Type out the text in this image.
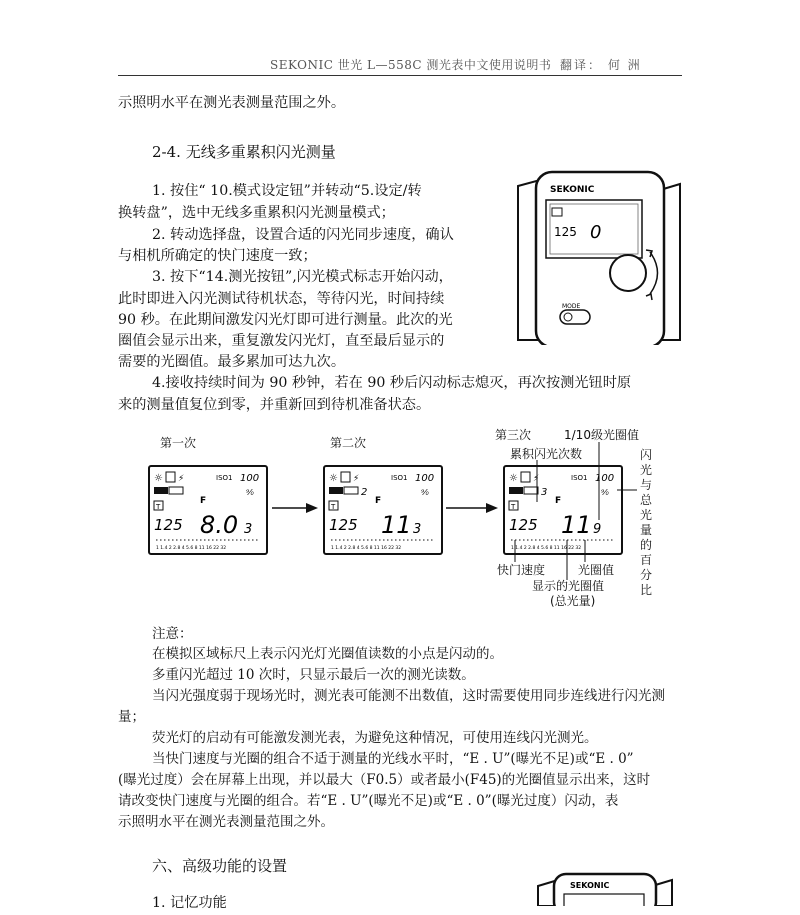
SEKONIC 世光 L—558C 测光表中文使用说明书 翻译： 何 洲
示照明水平在测光表测量范围之外。
2-4. 无线多重累积闪光测量
1. 按住“ 10.模式设定钮”并转动“5.设定/转
换转盘”，选中无线多重累积闪光测量模式；
2. 转动选择盘，设置合适的闪光同步速度，确认
与相机所确定的快门速度一致；
3. 按下“14.测光按钮”,闪光模式标志开始闪动，
此时即进入闪光测试待机状态，等待闪光，时间持续
90 秒。在此期间激发闪光灯即可进行测量。此次的光
圈值会显示出来，重复激发闪光灯，直至最后显示的
需要的光圈值。最多累加可达九次。
4.接收持续时间为 90 秒钟，若在 90 秒后闪动标志熄灭，再次按测光钮时原
来的测量值复位到零，并重新回到待机准备状态。
SEKONIC
125 0
MODE
第一次	第二次
第三次	1/10级光圈值
累积闪光次数	闪光与总光量的百分比
☼ ⚡	ISO1 100
⁹⁄₀
F
T
125 8.0 3
1 1.4 2 2.8 4 5.6 8 11 16 22 32
☼ ⚡	ISO1 100
2	⁹⁄₀
F
T
125 11 3
1 1.4 2 2.8 4 5.6 8 11 16 22 32
☼ ⚡	ISO1 100
3	⁹⁄₀
F
T
125 11 9
1 1.4 2 2.8 4 5.6 8 11 16 22 32
快门速度	光圈值
显示的光圈值
(总光量)
注意：
在模拟区域标尺上表示闪光灯光圈值读数的小点是闪动的。
多重闪光超过 10 次时，只显示最后一次的测光读数。
当闪光强度弱于现场光时，测光表可能测不出数值，这时需要使用同步连线进行闪光测
量；
荧光灯的启动有可能激发测光表，为避免这种情况，可使用连线闪光测光。
当快门速度与光圈的组合不适于测量的光线水平时，“E . U”(曝光不足)或“E . 0”
(曝光过度）会在屏幕上出现，并以最大（F0.5）或者最小(F45)的光圈值显示出来，这时
请改变快门速度与光圈的组合。若“E . U”(曝光不足)或“E . 0”(曝光过度）闪动，表
示照明水平在测光表测量范围之外。
六、高级功能的设置
1. 记忆功能
SEKONIC
